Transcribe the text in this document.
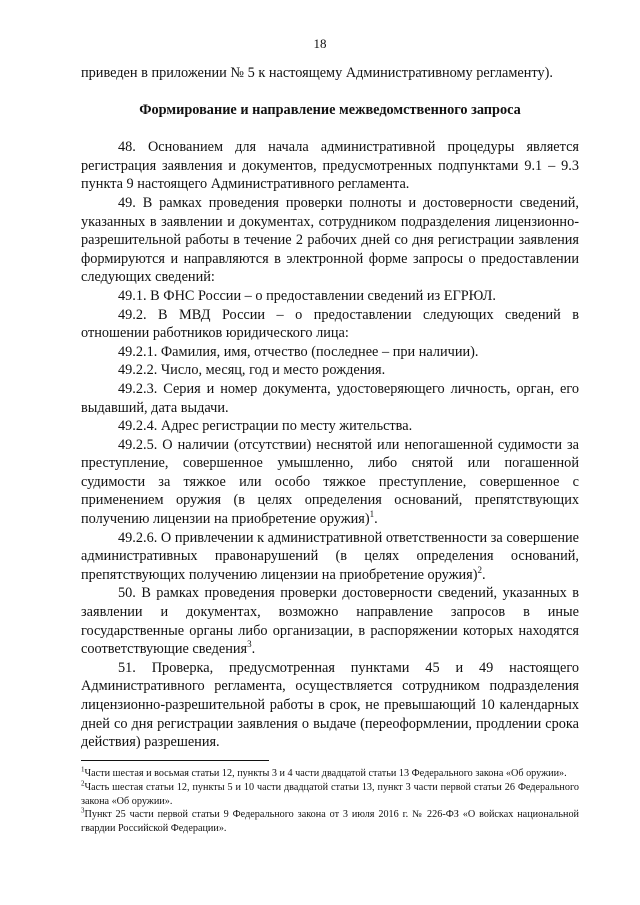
18

приведен в приложении № 5 к настоящему Административному регламенту).

Формирование и направление межведомственного запроса

48. Основанием для начала административной процедуры является регистрация заявления и документов, предусмотренных подпунктами 9.1 – 9.3 пункта 9 настоящего Административного регламента.

49. В рамках проведения проверки полноты и достоверности сведений, указанных в заявлении и документах, сотрудником подразделения лицензионно-разрешительной работы в течение 2 рабочих дней со дня регистрации заявления формируются и направляются в электронной форме запросы о предоставлении следующих сведений:

49.1. В ФНС России – о предоставлении сведений из ЕГРЮЛ.

49.2. В МВД России – о предоставлении следующих сведений в отношении работников юридического лица:

49.2.1. Фамилия, имя, отчество (последнее – при наличии).

49.2.2. Число, месяц, год и место рождения.

49.2.3. Серия и номер документа, удостоверяющего личность, орган, его выдавший, дата выдачи.

49.2.4. Адрес регистрации по месту жительства.

49.2.5. О наличии (отсутствии) неснятой или непогашенной судимости за преступление, совершенное умышленно, либо снятой или погашенной судимости за тяжкое или особо тяжкое преступление, совершенное с применением оружия (в целях определения оснований, препятствующих получению лицензии на приобретение оружия)$^1$.

49.2.6. О привлечении к административной ответственности за совершение административных правонарушений (в целях определения оснований, препятствующих получению лицензии на приобретение оружия)$^2$.

50. В рамках проведения проверки достоверности сведений, указанных в заявлении и документах, возможно направление запросов в иные государственные органы либо организации, в распоряжении которых находятся соответствующие сведения$^3$.

51. Проверка, предусмотренная пунктами 45 и 49 настоящего Административного регламента, осуществляется сотрудником подразделения лицензионно-разрешительной работы в срок, не превышающий 10 календарных дней со дня регистрации заявления о выдаче (переоформлении, продлении срока действия) разрешения.

$^1$Части шестая и восьмая статьи 12, пункты 3 и 4 части двадцатой статьи 13 Федерального закона «Об оружии».

$^2$Часть шестая статьи 12, пункты 5 и 10 части двадцатой статьи 13, пункт 3 части первой статьи 26 Федерального закона «Об оружии».

$^3$Пункт 25 части первой статьи 9 Федерального закона от 3 июля 2016 г. № 226-ФЗ «О войсках национальной гвардии Российской Федерации».
